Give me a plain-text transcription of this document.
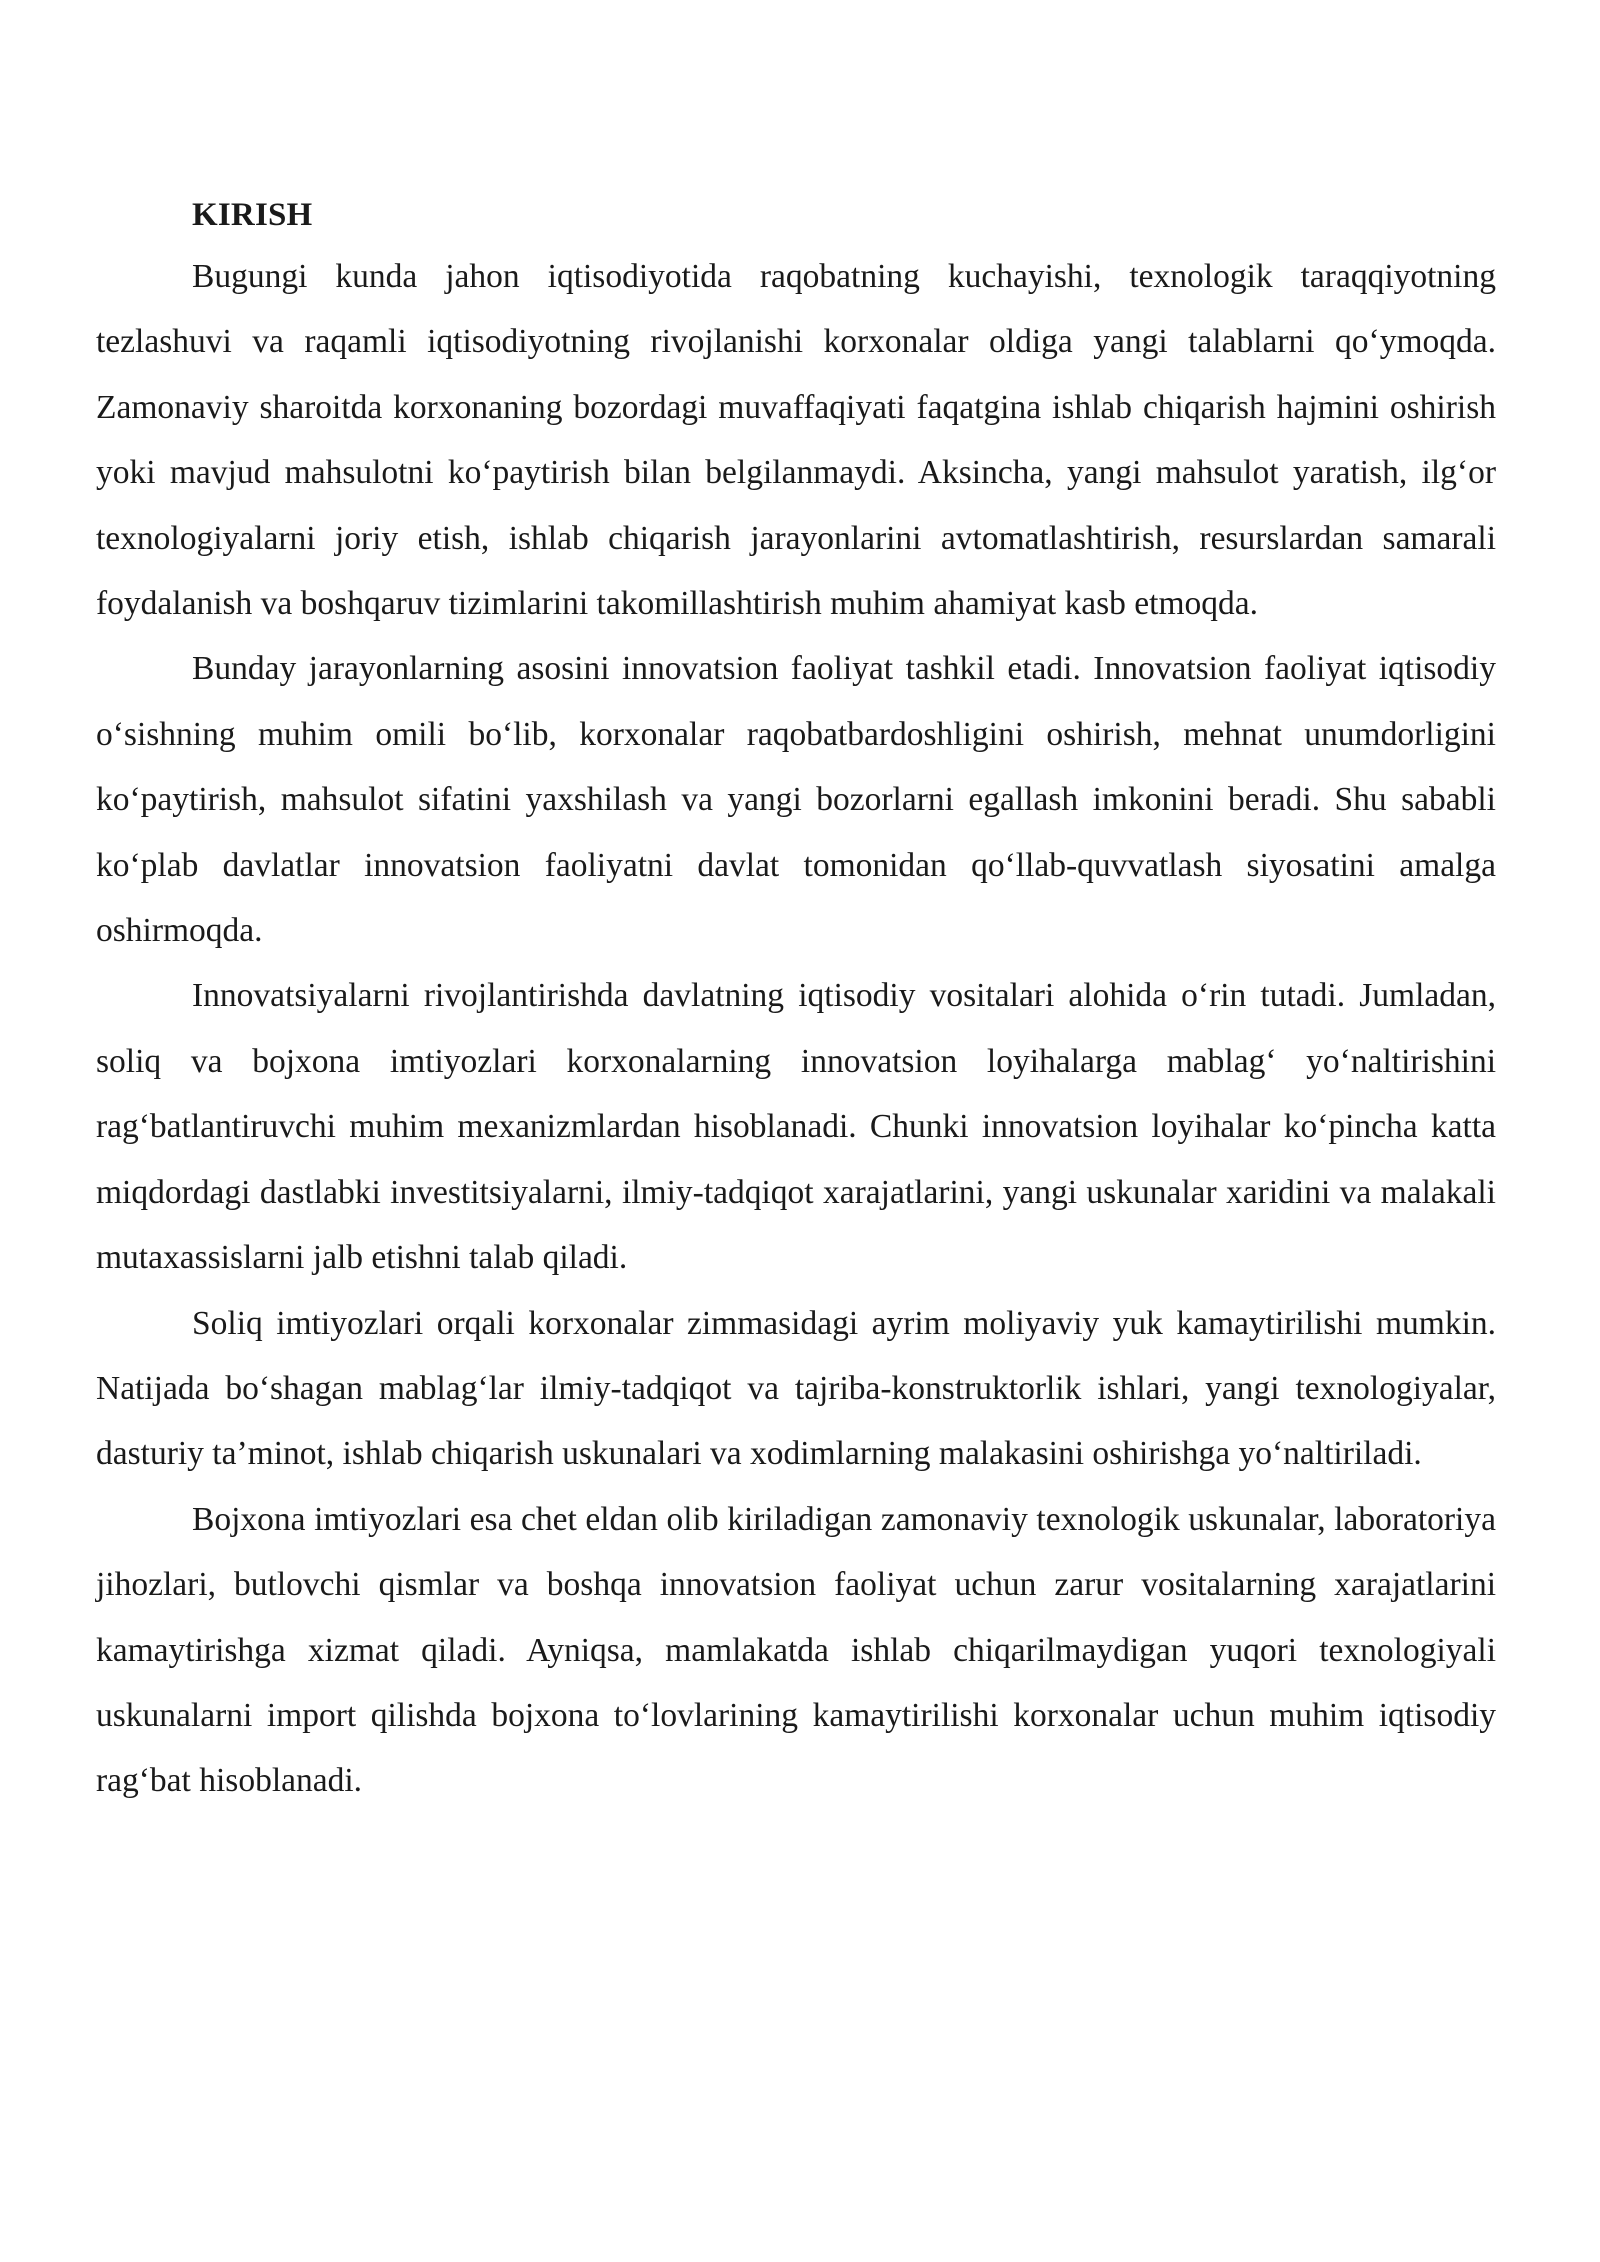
KIRISH

Bugungi kunda jahon iqtisodiyotida raqobatning kuchayishi, texnologik taraqqiyotning tezlashuvi va raqamli iqtisodiyotning rivojlanishi korxonalar oldiga yangi talablarni qo‘ymoqda. Zamonaviy sharoitda korxonaning bozordagi muvaffaqiyati faqatgina ishlab chiqarish hajmini oshirish yoki mavjud mahsulotni ko‘paytirish bilan belgilanmaydi. Aksincha, yangi mahsulot yaratish, ilg‘or texnologiyalarni joriy etish, ishlab chiqarish jarayonlarini avtomatlashtirish, resurslardan samarali foydalanish va boshqaruv tizimlarini takomillashtirish muhim ahamiyat kasb etmoqda.

Bunday jarayonlarning asosini innovatsion faoliyat tashkil etadi. Innovatsion faoliyat iqtisodiy o‘sishning muhim omili bo‘lib, korxonalar raqobatbardoshligini oshirish, mehnat unumdorligini ko‘paytirish, mahsulot sifatini yaxshilash va yangi bozorlarni egallash imkonini beradi. Shu sababli ko‘plab davlatlar innovatsion faoliyatni davlat tomonidan qo‘llab-quvvatlash siyosatini amalga oshirmoqda.

Innovatsiyalarni rivojlantirishda davlatning iqtisodiy vositalari alohida o‘rin tutadi. Jumladan, soliq va bojxona imtiyozlari korxonalarning innovatsion loyihalarga mablag‘ yo‘naltirishini rag‘batlantiruvchi muhim mexanizmlardan hisoblanadi. Chunki innovatsion loyihalar ko‘pincha katta miqdordagi dastlabki investitsiyalarni, ilmiy-tadqiqot xarajatlarini, yangi uskunalar xaridini va malakali mutaxassislarni jalb etishni talab qiladi.

Soliq imtiyozlari orqali korxonalar zimmasidagi ayrim moliyaviy yuk kamaytirilishi mumkin. Natijada bo‘shagan mablag‘lar ilmiy-tadqiqot va tajriba-konstruktorlik ishlari, yangi texnologiyalar, dasturiy ta’minot, ishlab chiqarish uskunalari va xodimlarning malakasini oshirishga yo‘naltiriladi.

Bojxona imtiyozlari esa chet eldan olib kiriladigan zamonaviy texnologik uskunalar, laboratoriya jihozlari, butlovchi qismlar va boshqa innovatsion faoliyat uchun zarur vositalarning xarajatlarini kamaytirishga xizmat qiladi. Ayniqsa, mamlakatda ishlab chiqarilmaydigan yuqori texnologiyali uskunalarni import qilishda bojxona to‘lovlarining kamaytirilishi korxonalar uchun muhim iqtisodiy rag‘bat hisoblanadi.
